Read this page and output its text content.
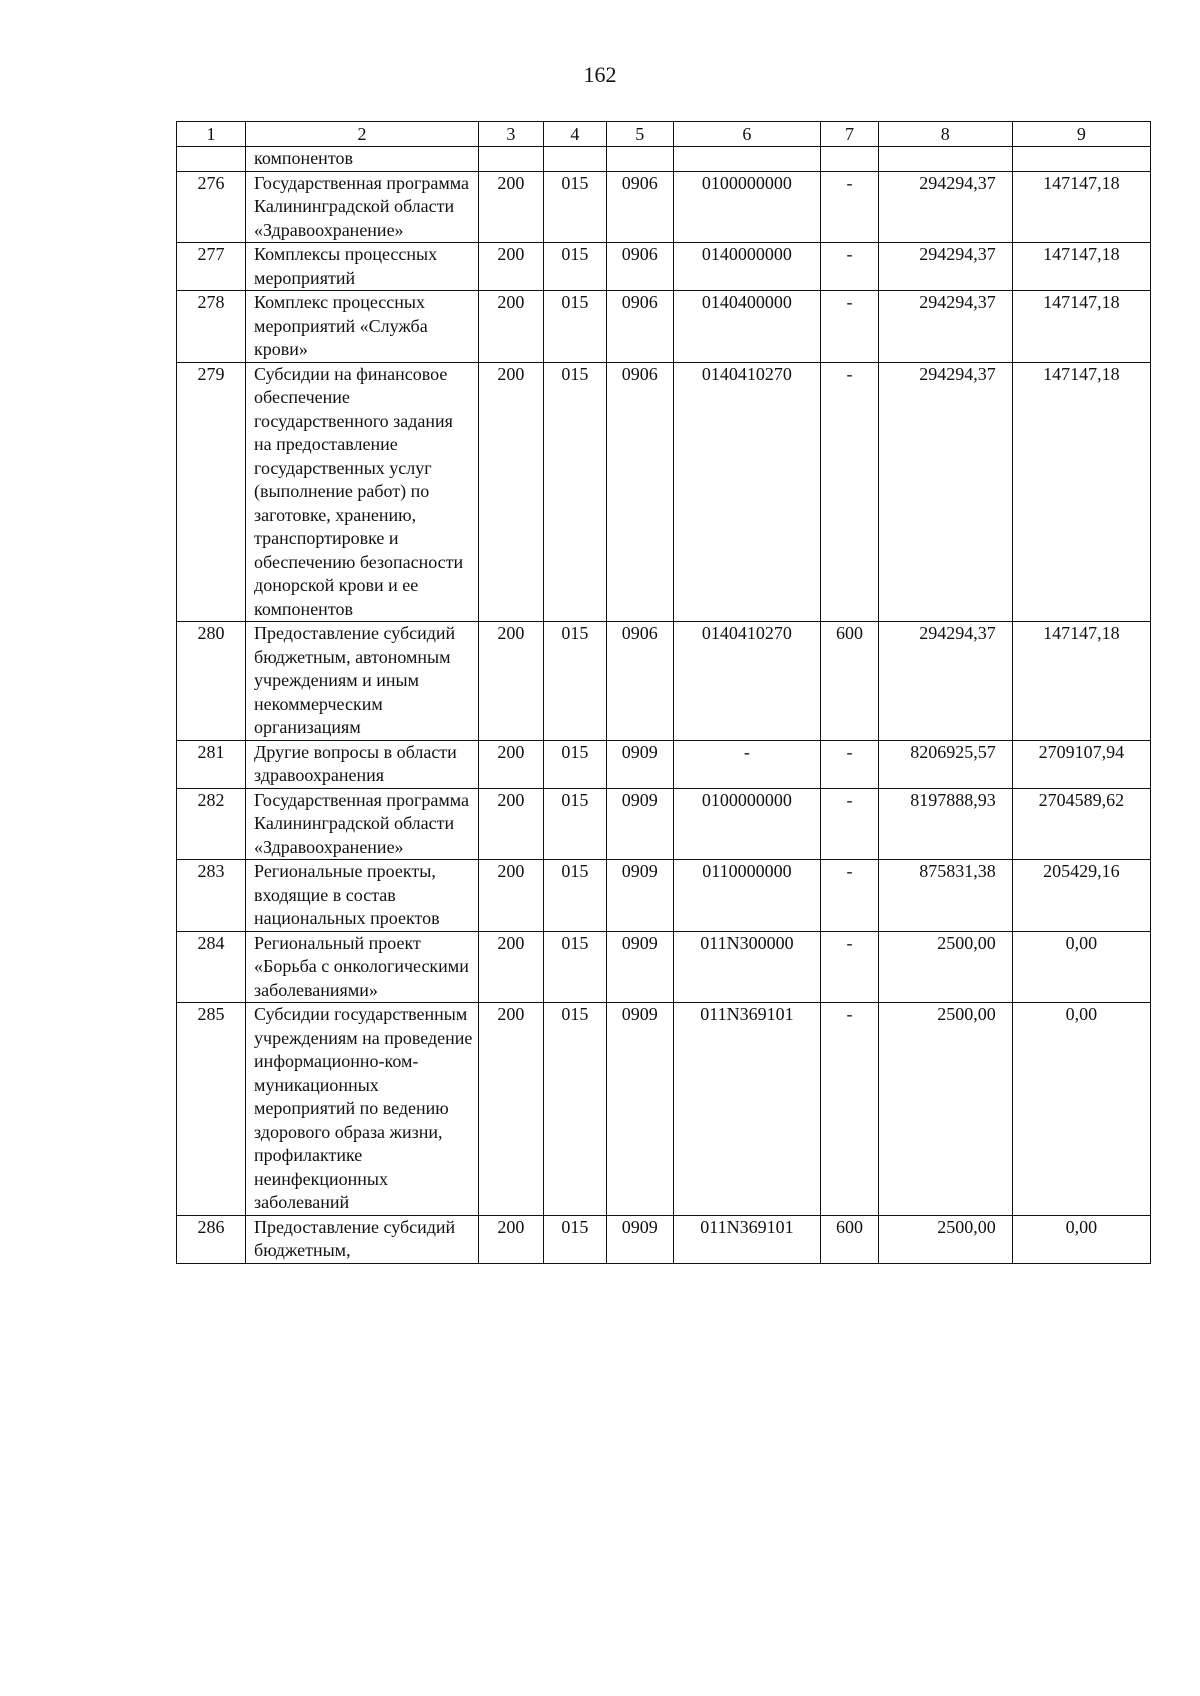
162
1	2	3	4	5	6	7	8	9
	компонентов							
276	Государственная программа Калининградской области «Здравоохранение»	200	015	0906	0100000000	-	294294,37	147147,18
277	Комплексы процессных мероприятий	200	015	0906	0140000000	-	294294,37	147147,18
278	Комплекс процессных мероприятий «Служба крови»	200	015	0906	0140400000	-	294294,37	147147,18
279	Субсидии на финансовое обеспечение государственного задания на предоставление государственных услуг (выполнение работ) по заготовке, хранению, транспортировке и обеспечению безопасности донорской крови и ее компонентов	200	015	0906	0140410270	-	294294,37	147147,18
280	Предоставление субсидий бюджетным, автономным учреждениям и иным некоммерческим организациям	200	015	0906	0140410270	600	294294,37	147147,18
281	Другие вопросы в области здравоохранения	200	015	0909	-	-	8206925,57	2709107,94
282	Государственная программа Калининградской области «Здравоохранение»	200	015	0909	0100000000	-	8197888,93	2704589,62
283	Региональные проекты, входящие в состав национальных проектов	200	015	0909	0110000000	-	875831,38	205429,16
284	Региональный проект «Борьба с онкологическими заболеваниями»	200	015	0909	011N300000	-	2500,00	0,00
285	Субсидии государственным учреждениям на проведение информационно-ком-муникационных мероприятий по ведению здорового образа жизни, профилактике неинфекционных заболеваний	200	015	0909	011N369101	-	2500,00	0,00
286	Предоставление субсидий бюджетным,	200	015	0909	011N369101	600	2500,00	0,00
